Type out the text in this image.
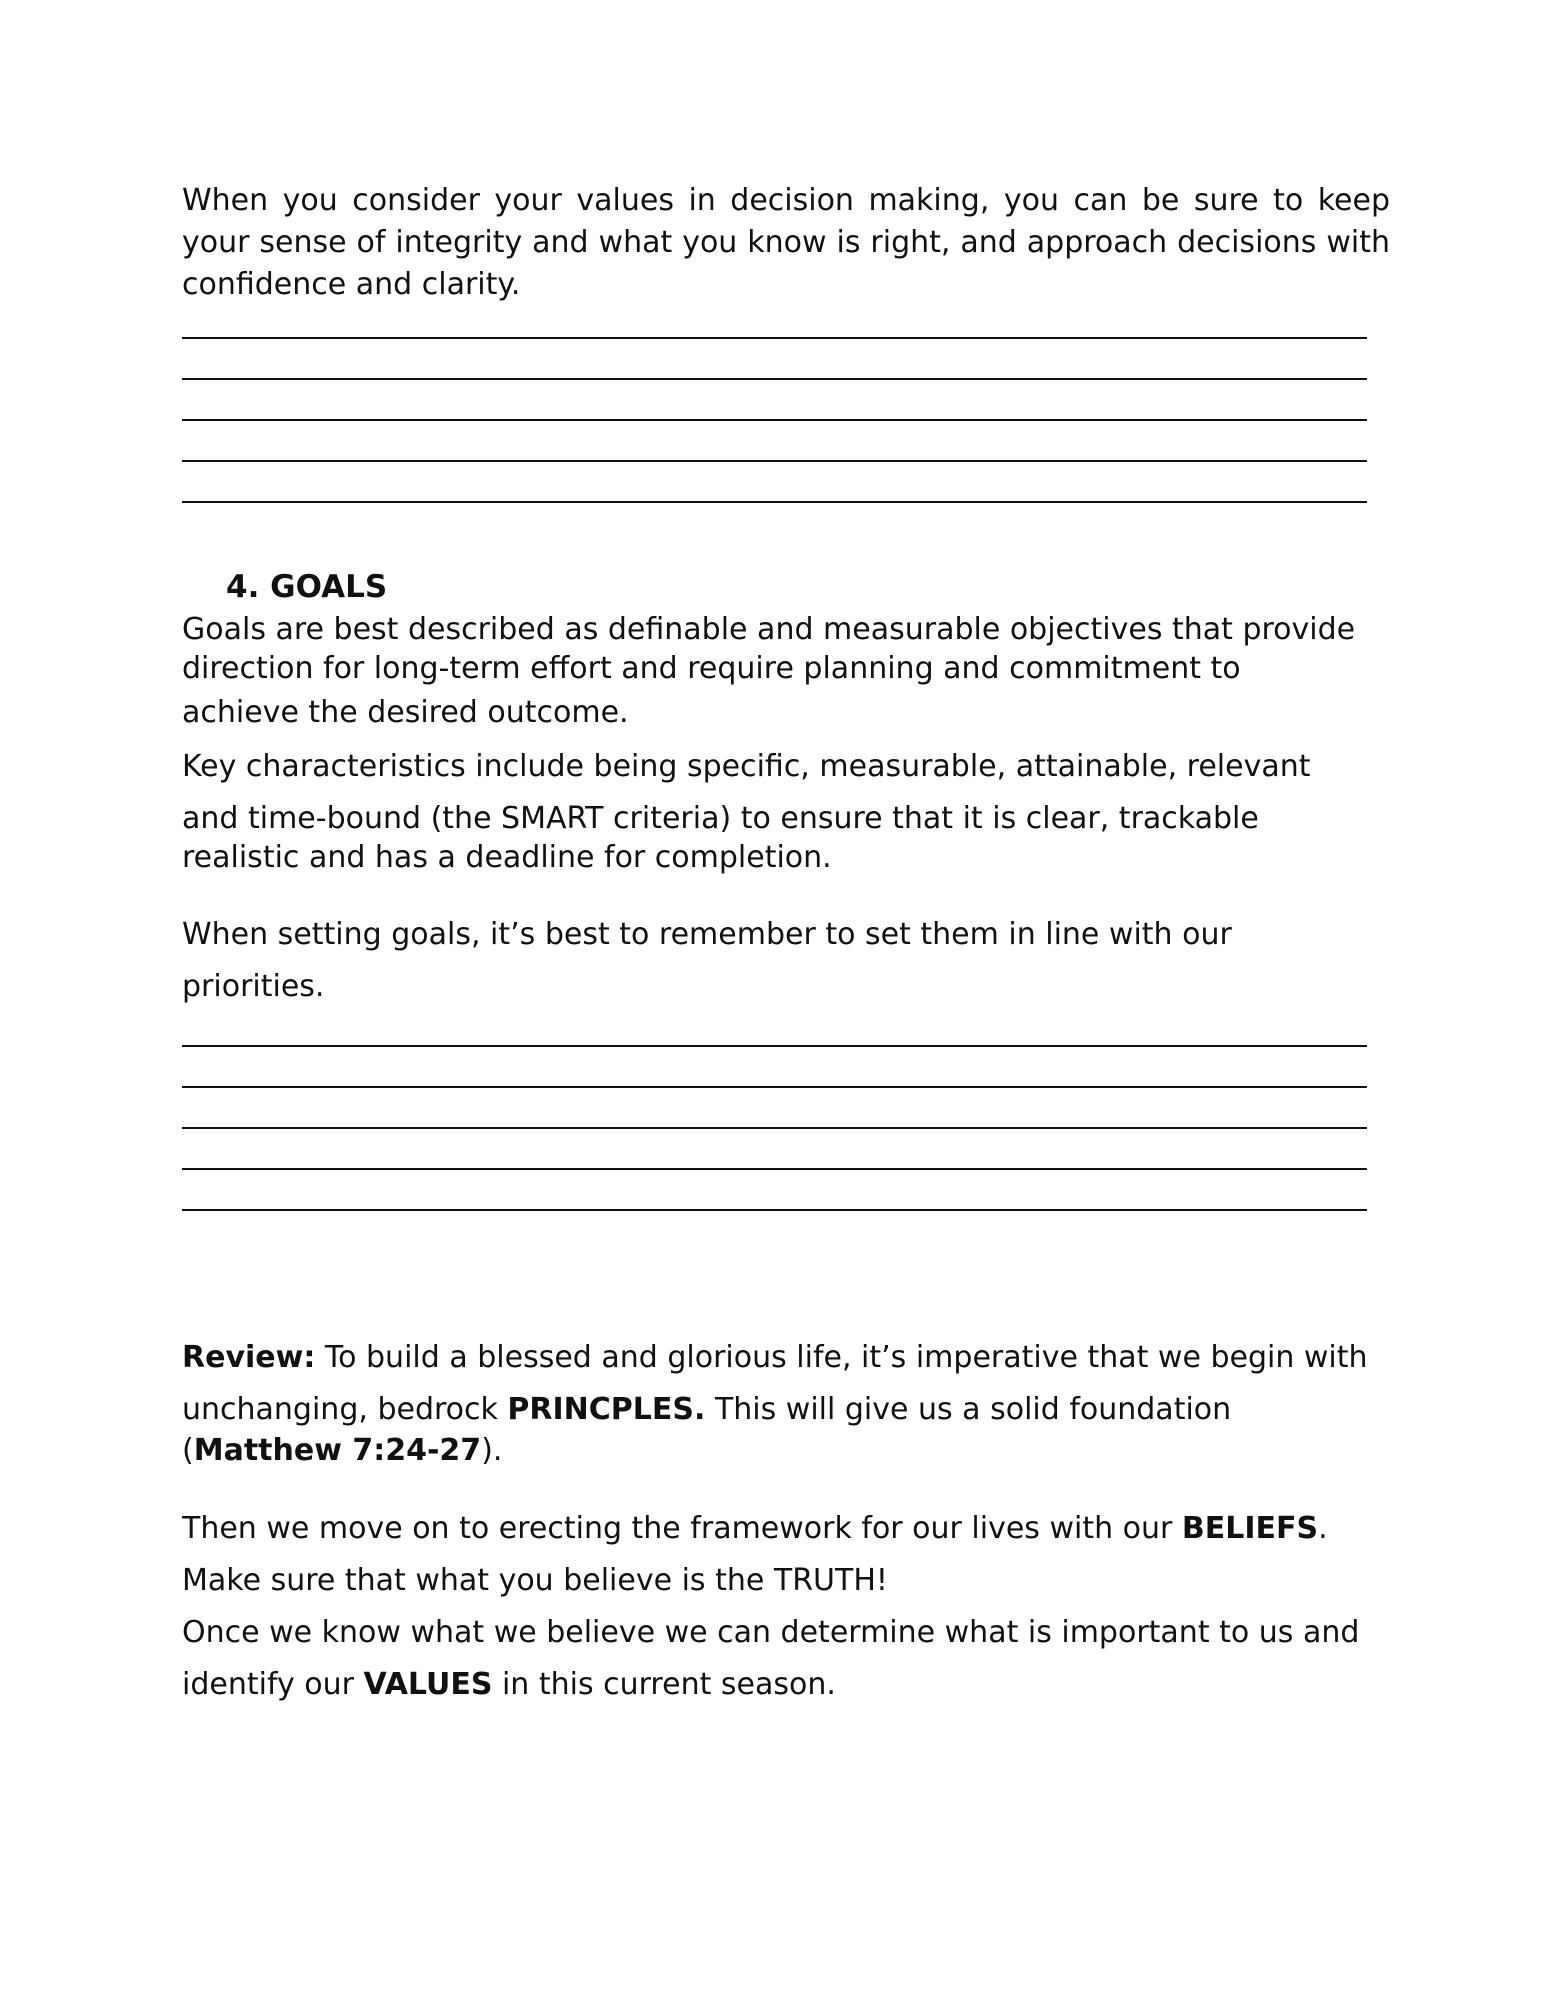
When you consider your values in decision making, you can be sure to keep your sense of integrity and what you know is right, and approach decisions with confidence and clarity.

4. GOALS

Goals are best described as definable and measurable objectives that provide

direction for long-term effort and require planning and commitment to

achieve the desired outcome.

Key characteristics include being specific, measurable, attainable, relevant

and time-bound (the SMART criteria) to ensure that it is clear, trackable

realistic and has a deadline for completion.

When setting goals, it’s best to remember to set them in line with our

priorities.

Review: To build a blessed and glorious life, it’s imperative that we begin with

unchanging, bedrock PRINCPLES. This will give us a solid foundation

(Matthew 7:24-27).

Then we move on to erecting the framework for our lives with our BELIEFS.

Make sure that what you believe is the TRUTH!

Once we know what we believe we can determine what is important to us and

identify our VALUES in this current season.
